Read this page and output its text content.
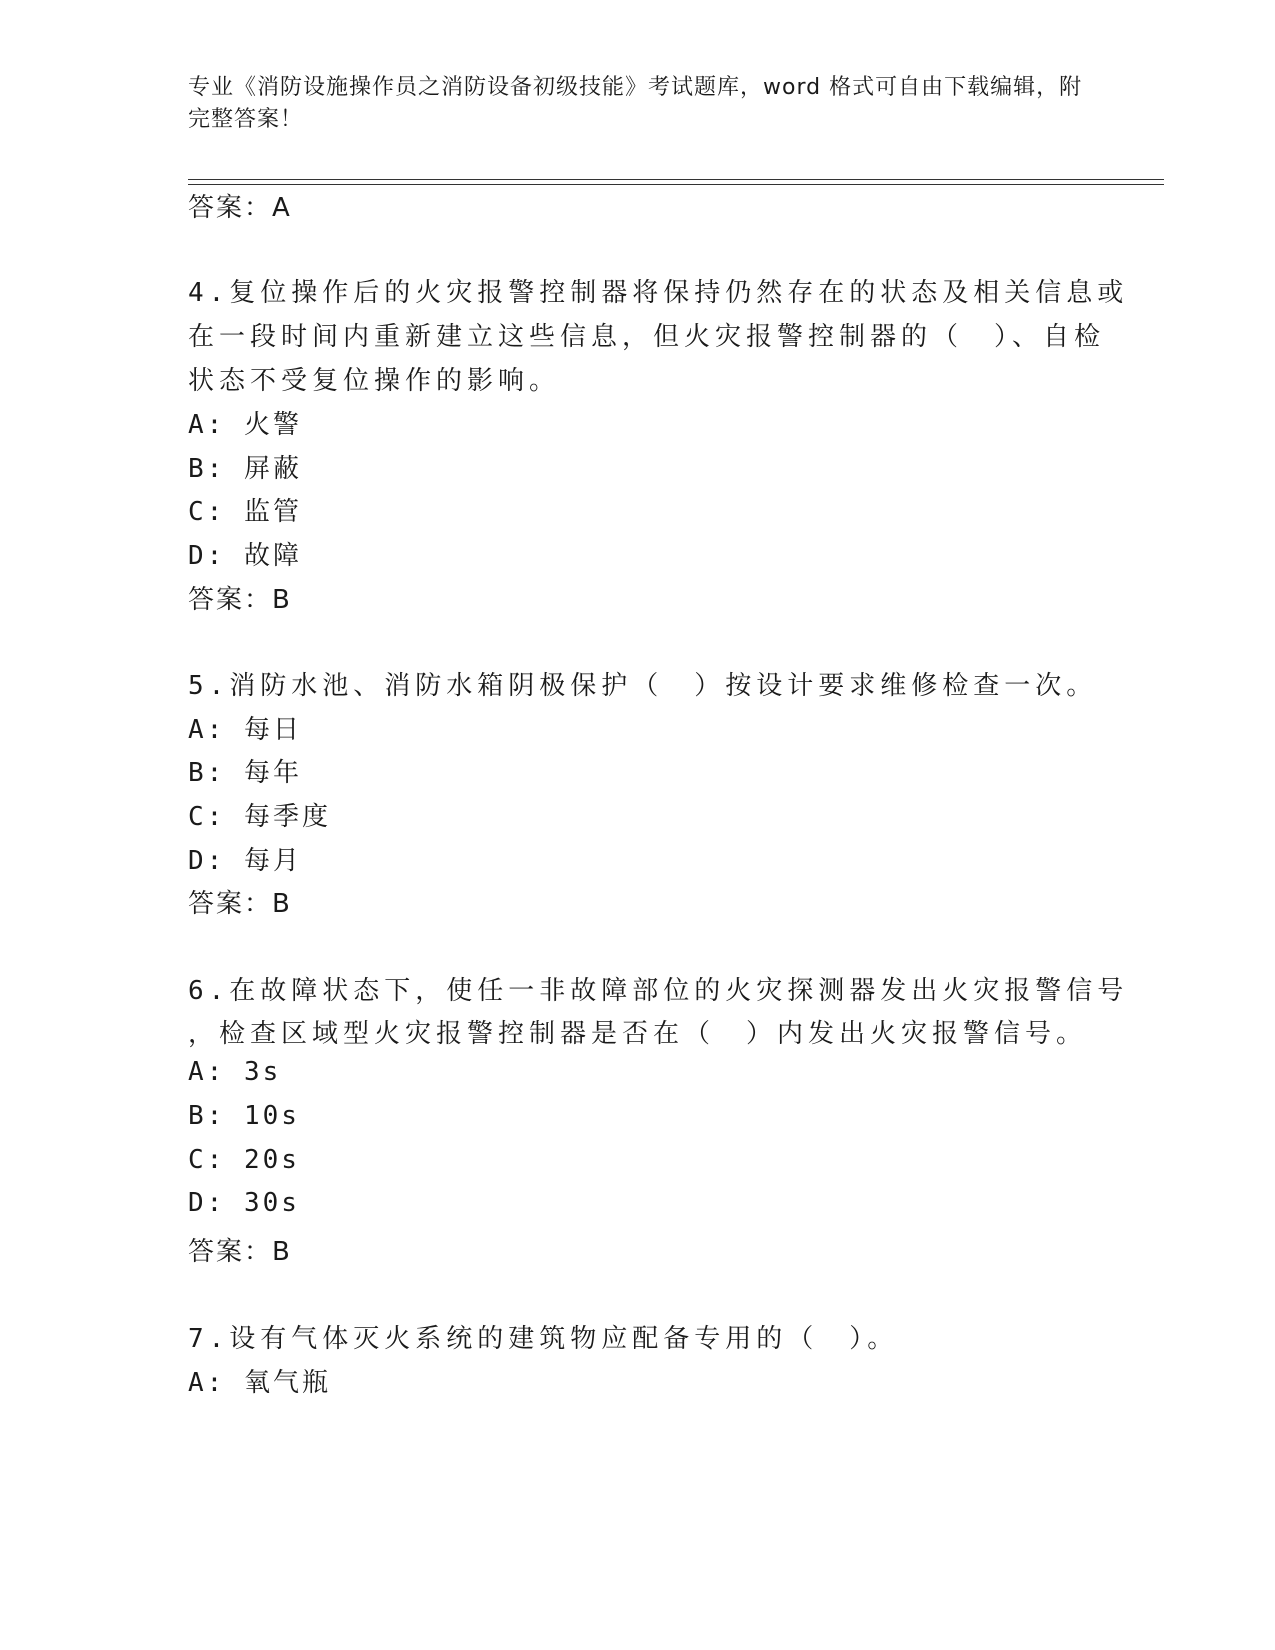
专业《消防设施操作员之消防设备初级技能》考试题库，word 格式可自由下载编辑，附完整答案！
答案：A
4.复位操作后的火灾报警控制器将保持仍然存在的状态及相关信息或
在一段时间内重新建立这些信息，但火灾报警控制器的（　）、自检
状态不受复位操作的影响。
A: 火警
B: 屏蔽
C: 监管
D: 故障
答案：B
5.消防水池、消防水箱阴极保护（　）按设计要求维修检查一次。
A: 每日
B: 每年
C: 每季度
D: 每月
答案：B
6.在故障状态下，使任一非故障部位的火灾探测器发出火灾报警信号
，检查区域型火灾报警控制器是否在（　）内发出火灾报警信号。
A: 3s
B: 10s
C: 20s
D: 30s
答案：B
7.设有气体灭火系统的建筑物应配备专用的（　）。
A: 氧气瓶
